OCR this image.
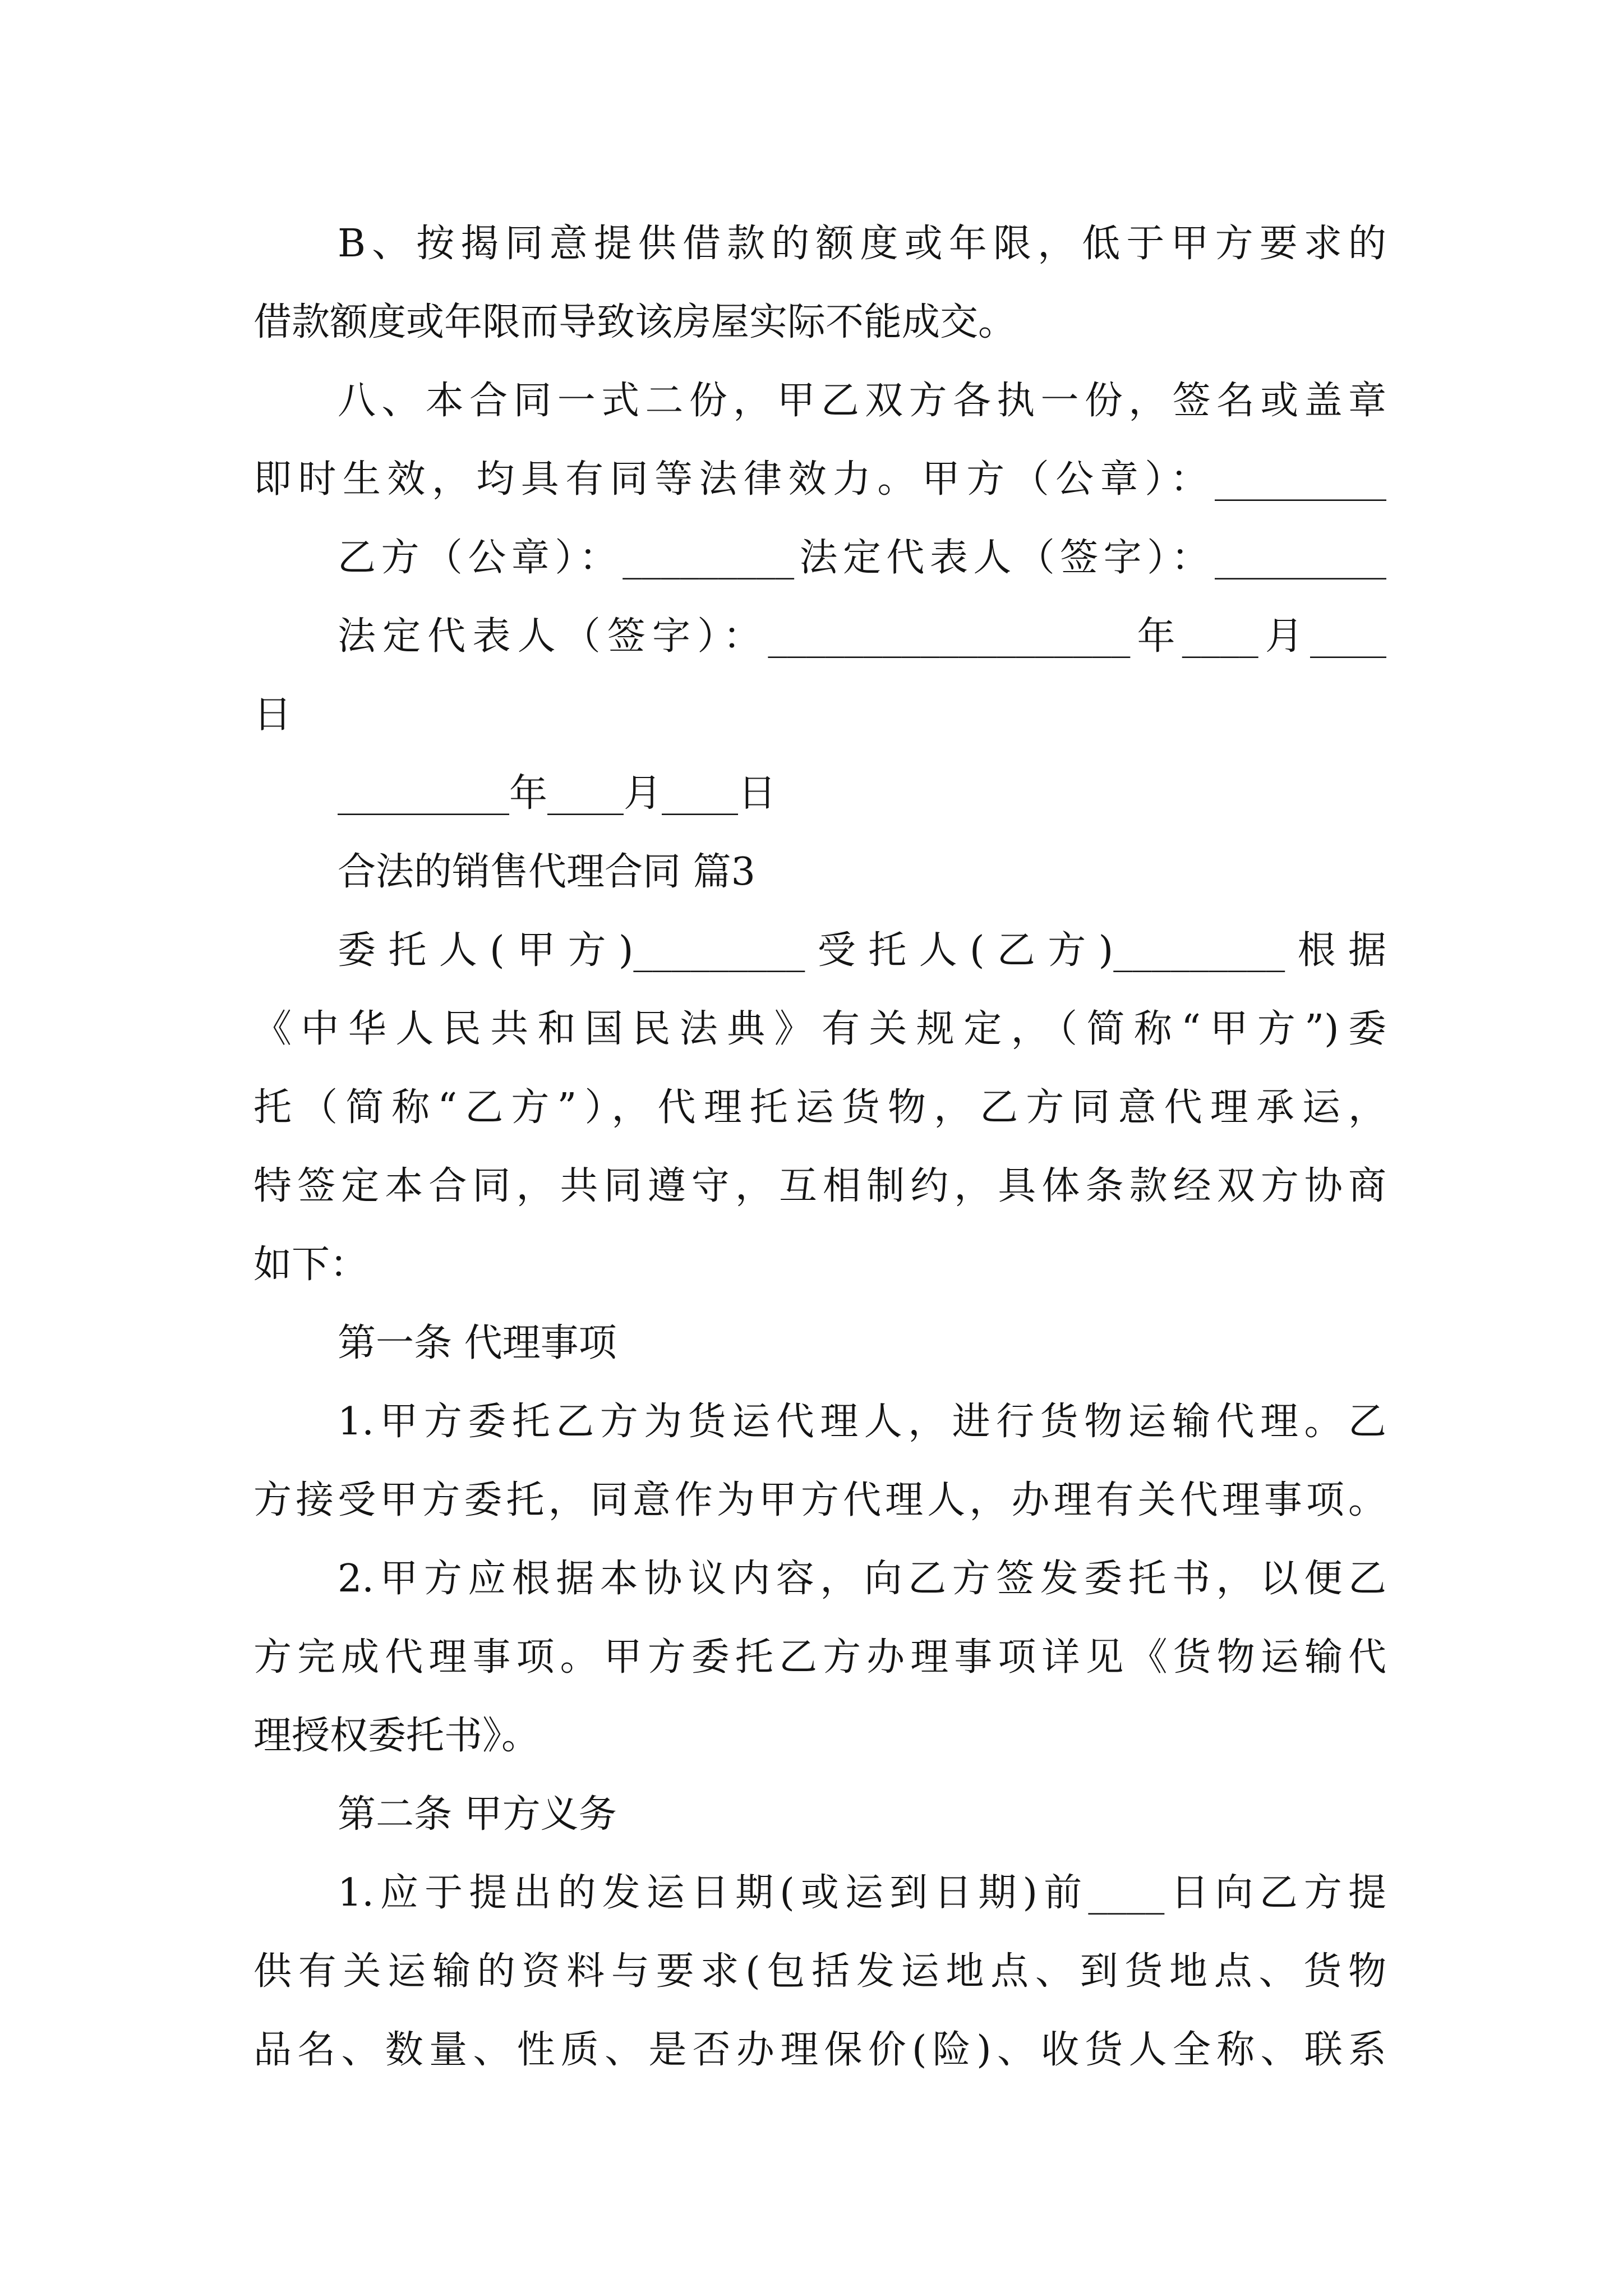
B、按揭同意提供借款的额度或年限，低于甲方要求的
借款额度或年限而导致该房屋实际不能成交。
八、本合同一式二份，甲乙双方各执一份，签名或盖章
即时生效，均具有同等法律效力。甲方（公章）：_________
乙方（公章）：_________法定代表人（签字）：_________
法定代表人（签字）：___________________年____月____
日
_________年____月____日
合法的销售代理合同 篇3
委托人(甲方)_________受托人(乙方)_________根据
《中华人民共和国民法典》有关规定，（简称“甲方”)委
托（简称“乙方”），代理托运货物，乙方同意代理承运，
特签定本合同，共同遵守，互相制约，具体条款经双方协商
如下：
第一条 代理事项
1.甲方委托乙方为货运代理人，进行货物运输代理。乙
方接受甲方委托，同意作为甲方代理人，办理有关代理事项。
2.甲方应根据本协议内容，向乙方签发委托书，以便乙
方完成代理事项。甲方委托乙方办理事项详见《货物运输代
理授权委托书》。
第二条 甲方义务
1.应于提出的发运日期(或运到日期)前____日向乙方提
供有关运输的资料与要求(包括发运地点、到货地点、货物
品名、数量、性质、是否办理保价(险)、收货人全称、联系
